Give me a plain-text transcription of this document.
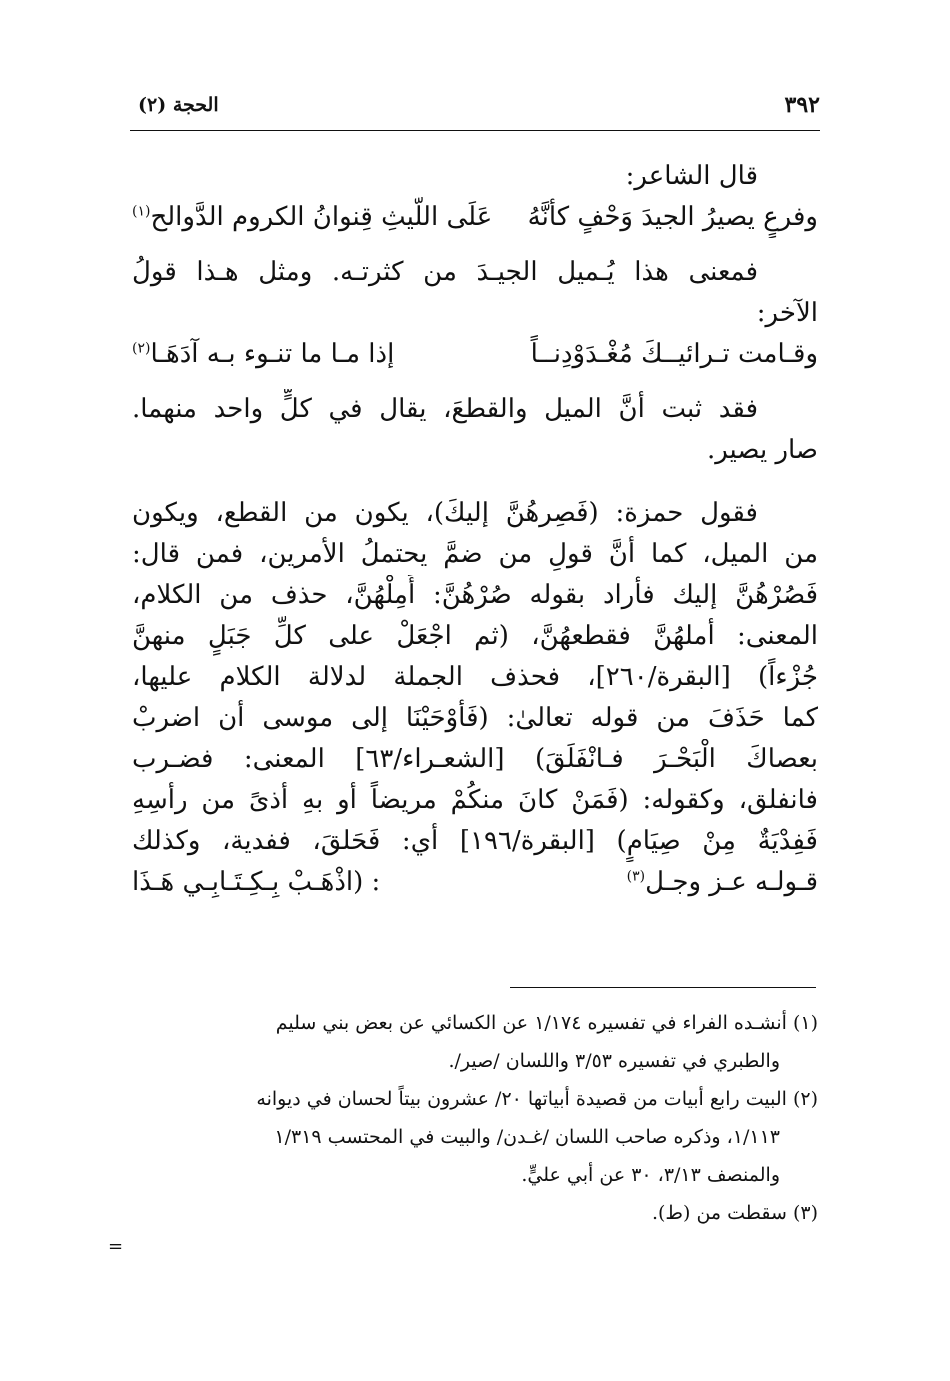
٣٩٢
الحجة (٢)
قال الشاعر:
وفرعٍ يصيرُ الجيدَ وَحْفٍ كأنَّهُ
عَلَى اللَّيثِ قِنوانُ الكروم الدَّوالح$^{(١)}$
فمعنى هذا يُـميل الجيـدَ من كثرتـه. ومثل هـذا قولُ
الآخر:
وقـامت تـرائيــكَ مُغْـدَوْدِنــاً
إذا مـا ما تنـوء بـه آدَهَـا$^{(٢)}$
فقد ثبت أنَّ الميل والقطعَ، يقال في كلٍّ واحد منهما.
صار يصير.
فقول حمزة: (فَصِرهُنَّ إليكَ)، يكون من القطع، ويكون
من الميل، كما أنَّ قولِ من ضمَّ يحتملُ الأمرين، فمن قال:
فَصُرْهُنَّ إليك فأراد بقوله صُرْهُنَّ: أَمِلْهُنَّ، حذف من الكلام،
المعنى: أملهُنَّ فقطعهُنَّ، (ثم اجْعَلْ على كلِّ جَبَلٍ منهنَّ
جُزْءاً) [البقرة/٢٦٠]، فحذف الجملة لدلالة الكلام عليها،
كما حَذَفَ من قوله تعالىٰ: (فَأَوْحَيْنَا إلى موسى أن اضربْ
بعصاكَ الْبَحْـرَ فـانْفَلَقَ) [الشعـراء/٦٣] المعنى: فضـرب
فانفلق، وكقوله: (فَمَنْ كانَ منكُمْ مريضاً أو بهِ أذىً من رأسِهِ
فَفِدْيَةٌ مِنْ صِيَامٍ) [البقرة/١٩٦] أي: فَحَلقَ، ففدية، وكذلك
قـولـه عـز وجـل$^{(٣)}$
: (اذْهَـبْ بِـكِـتَـابِـي هَـذَا
(١) أنشـده الفراء في تفسيره ١/١٧٤ عن الكسائي عن بعض بني سليم
والطبري في تفسيره ٣/٥٣ واللسان /صير/.
(٢) البيت رابع أبيات من قصيدة أبياتها ٢٠/ عشرون بيتاً لحسان في ديوانه
١/١١٣، وذكره صاحب اللسان /غـدن/ والبيت في المحتسب ١/٣١٩
والمنصف ٣/١٣، ٣٠ عن أبي عليٍّ.
(٣) سقطت من (ط).
=
